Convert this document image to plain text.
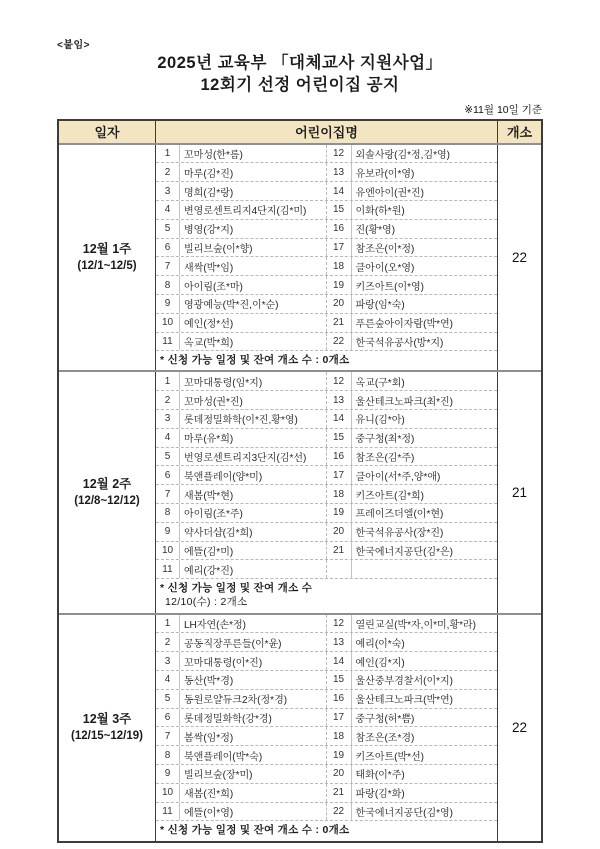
<붙임>
2025년 교육부 「대체교사 지원사업」
12회기 선정 어린이집 공지
※11월 10일 기준
일자	어린이집명	개소
12월 1주
(12/1~12/5)
1	꼬마성(한*름)	12	외솔사랑(김*정,김*영)
2	마루(김*진)	13	유보라(이*영)
3	명희(김*랑)	14	유엔아이(권*진)
4	변영로센트리지4단지(김*미)	15	이화(하*원)
5	병영(강*지)	16	진(황*영)
6	빌리브숲(이*향)	17	참조은(이*정)
7	새싹(박*임)	18	클아이(오*영)
8	아이림(조*마)	19	키즈아트(이*영)
9	영광예능(박*진,이*순)	20	파랑(임*숙)
10	예인(정*선)	21	푸른숲아이자람(박*연)
11	옥교(박*희)	22	한국석유공사(방*지)
* 신청 가능 일정 및 잔여 개소 수 : 0개소
22
12월 2주
(12/8~12/12)
1	꼬마대통령(임*지)	12	옥교(구*회)
2	꼬마성(권*진)	13	울산테크노파크(최*진)
3	롯데정밀화학(이*진,황*영)	14	유니(김*아)
4	마루(유*희)	15	중구청(최*정)
5	번영로센트리지3단지(김*선)	16	참조은(김*주)
6	북앤플레이(양*미)	17	클아이(서*주,양*애)
7	새봄(박*현)	18	키즈아트(김*희)
8	아이림(조*주)	19	프레이즈더엘(이*현)
9	약사더샵(김*희)	20	한국석유공사(장*진)
10	에뜰(김*미)	21	한국에너지공단(김*은)
11	예리(강*진)
* 신청 가능 일정 및 잔여 개소 수
12/10(수) : 2개소
21
12월 3주
(12/15~12/19)
1	LH자연(손*정)	12	열린교실(박*자,이*미,황*라)
2	공동직장푸른들(이*윤)	13	예리(이*숙)
3	꼬마대통령(이*진)	14	예인(김*지)
4	동산(박*경)	15	울산중부경찰서(이*지)
5	동원로얄듀크2차(정*경)	16	울산테크노파크(박*연)
6	롯데정밀화학(강*경)	17	중구청(허*쁨)
7	봄싹(임*정)	18	참조은(조*경)
8	북앤플레이(박*숙)	19	키즈아트(박*선)
9	빌리브숲(장*미)	20	태화(이*주)
10	새봄(진*희)	21	파랑(김*화)
11	에뜰(이*영)	22	한국에너지공단(김*영)
* 신청 가능 일정 및 잔여 개소 수 : 0개소
22
